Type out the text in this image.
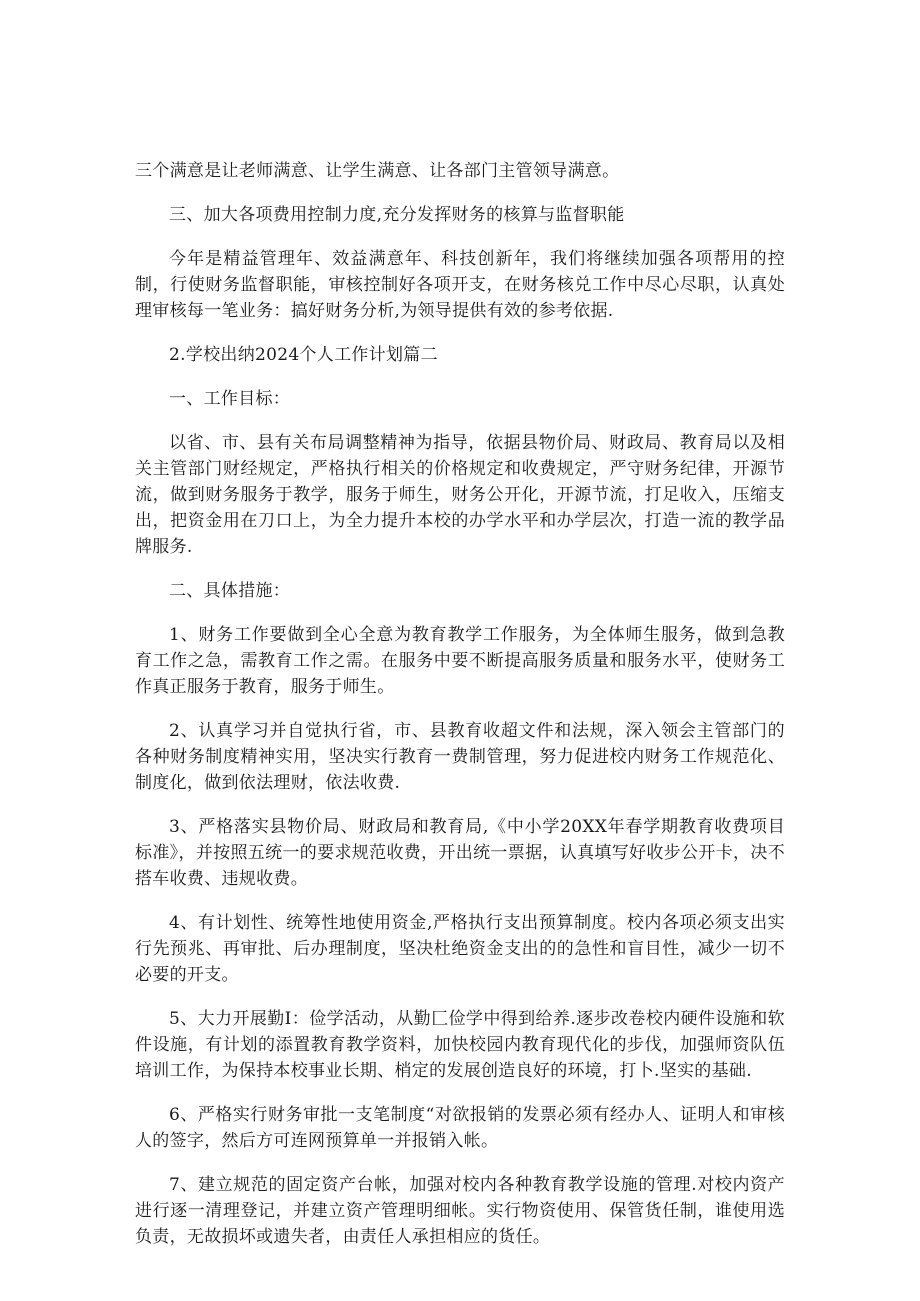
三个满意是让老师满意、让学生满意、让各部门主管领导满意。

三、加大各项费用控制力度,充分发挥财务的核算与监督职能

今年是精益管理年、效益满意年、科技创新年，我们将继续加强各项帮用的控制，行使财务监督职能，审核控制好各项开支，在财务核兑工作中尽心尽职，认真处理审核每一笔业务：搞好财务分析,为领导提供有效的参考依据.

2.学校出纳2024个人工作计划篇二

一、工作目标：

以省、市、县有关布局调整精神为指导，依据县物价局、财政局、教育局以及相关主管部门财经规定，严格执行相关的价格规定和收费规定，严守财务纪律，开源节流，做到财务服务于教学，服务于师生，财务公开化，开源节流，打足收入，压缩支出，把资金用在刀口上，为全力提升本校的办学水平和办学层次，打造一流的教学品牌服务.

二、具体措施：

1、财务工作要做到全心全意为教育教学工作服务，为全体师生服务，做到急教育工作之急，需教育工作之需。在服务中要不断提高服务质量和服务水平，使财务工作真正服务于教育，服务于师生。

2、认真学习并自觉执行省，市、县教育收超文件和法规，深入领会主管部门的各种财务制度精神实用，坚决实行教育一费制管理，努力促进校内财务工作规范化、制度化，做到依法理财，依法收费.

3、严格落实县物价局、财政局和教育局,《中小学20XX年春学期教育收费项目标准》，并按照五统一的要求规范收费，开出统一票据，认真填写好收步公开卡，决不搭车收费、违规收费。

4、有计划性、统筹性地使用资金,严格执行支出预算制度。校内各项必须支出实行先预兆、再审批、后办理制度，坚决杜绝资金支出的的急性和盲目性，减少一切不必要的开支。

5、大力开展勤I：俭学活动，从勤匚俭学中得到给养.逐步改卷校内硬件设施和软件设施，有计划的添置教育教学资料，加快校园内教育现代化的步伐，加强师资队伍培训工作，为保持本校事业长期、梢定的发展创造良好的环境，打卜.坚实的基础.

6、严格实行财务审批一支笔制度“对欲报销的发票必须有经办人、证明人和审核人的签字，然后方可连网预算单一并报销入帐。

7、建立规范的固定资产台帐，加强对校内各种教育教学设施的管理.对校内资产进行逐一清理登记，并建立资产管理明细帐。实行物资使用、保管货任制，谁使用选负责，无故损坏或遗失者，由责任人承担相应的货任。
